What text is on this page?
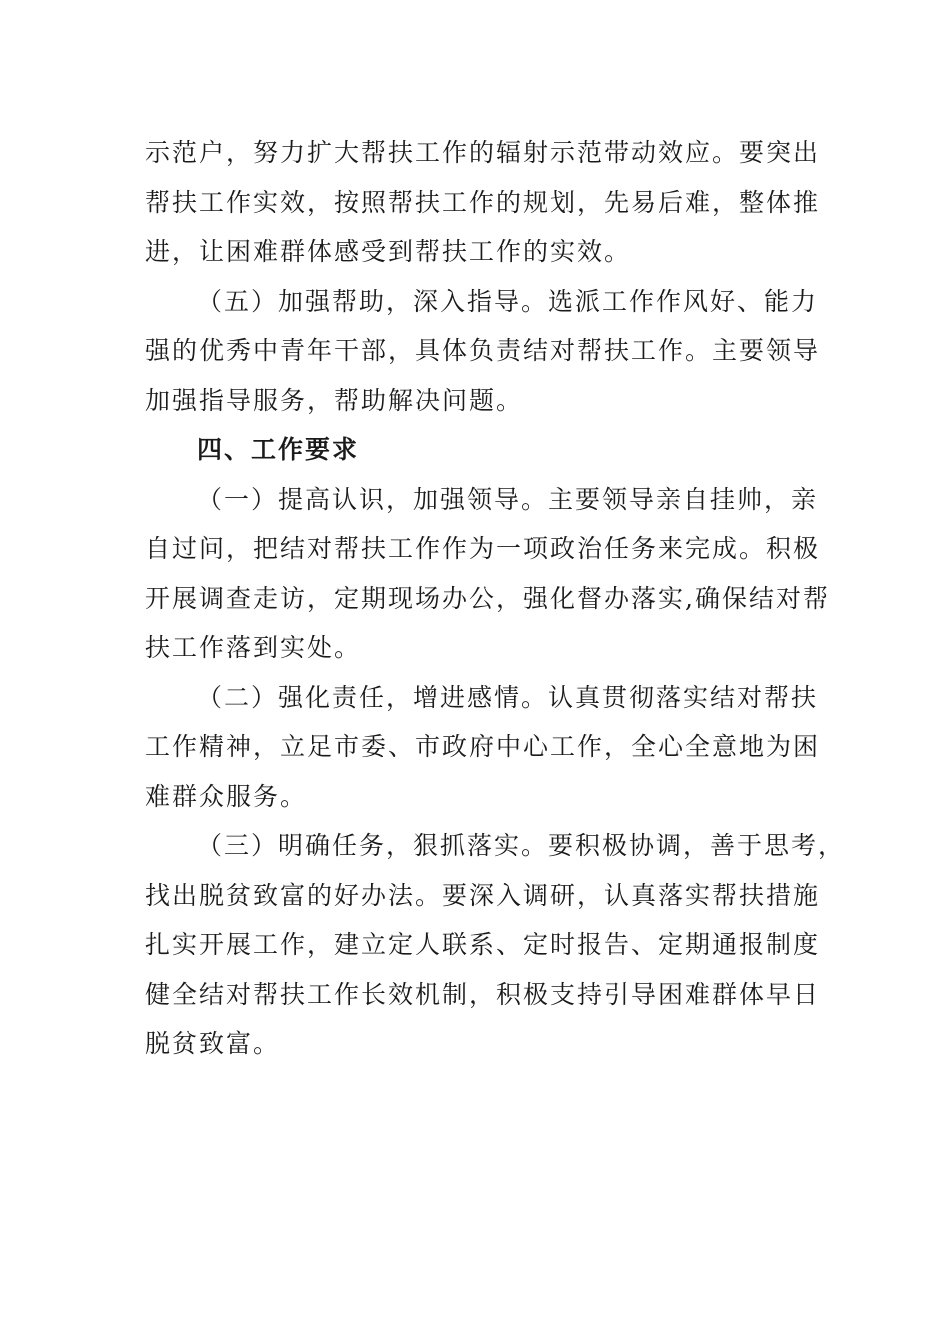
示范户，努力扩大帮扶工作的辐射示范带动效应。要突出
帮扶工作实效，按照帮扶工作的规划，先易后难，整体推
进，让困难群体感受到帮扶工作的实效。
（五）加强帮助，深入指导。选派工作作风好、能力
强的优秀中青年干部，具体负责结对帮扶工作。主要领导
加强指导服务，帮助解决问题。
四、工作要求
（一）提高认识，加强领导。主要领导亲自挂帅，亲
自过问，把结对帮扶工作作为一项政治任务来完成。积极
开展调查走访，定期现场办公，强化督办落实,确保结对帮
扶工作落到实处。
（二）强化责任，增进感情。认真贯彻落实结对帮扶
工作精神，立足市委、市政府中心工作，全心全意地为困
难群众服务。
（三）明确任务，狠抓落实。要积极协调，善于思考，
找出脱贫致富的好办法。要深入调研，认真落实帮扶措施
扎实开展工作，建立定人联系、定时报告、定期通报制度
健全结对帮扶工作长效机制，积极支持引导困难群体早日
脱贫致富。
